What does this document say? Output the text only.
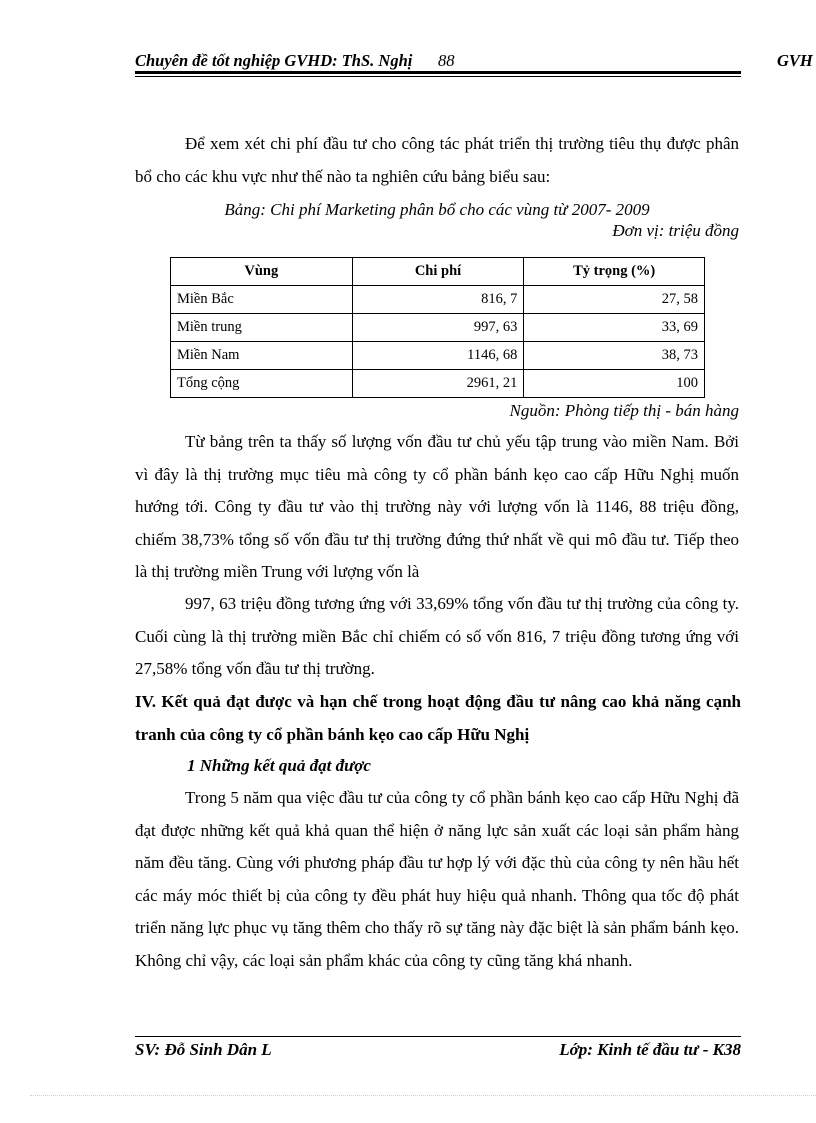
Chuyên đề tốt nghiệp GVHD: ThS. Nghị 88	GVH

Để xem xét chi phí đầu tư cho công tác phát triển thị trường tiêu thụ được phân bổ cho các khu vực như thế nào ta nghiên cứu bảng biểu sau:

Bảng: Chi phí Marketing phân bổ cho các vùng từ 2007- 2009

Đơn vị: triệu đồng

Vùng	Chi phí	Tỷ trọng (%)
Miền Bắc	816, 7	27, 58
Miền trung	997, 63	33, 69
Miền Nam	1146, 68	38, 73
Tổng cộng	2961, 21	100

Nguồn: Phòng tiếp thị - bán hàng

Từ bảng trên ta thấy số lượng vốn đầu tư chủ yếu tập trung vào miền Nam. Bởi vì đây là thị trường mục tiêu mà công ty cổ phần bánh kẹo cao cấp Hữu Nghị muốn hướng tới. Công ty đầu tư vào thị trường này với lượng vốn là 1146, 88 triệu đồng, chiếm 38,73% tổng số vốn đầu tư thị trường đứng thứ nhất về qui mô đầu tư. Tiếp theo là thị trường miền Trung với lượng vốn là

997, 63 triệu đồng tương ứng với 33,69% tổng vốn đầu tư thị trường của công ty. Cuối cùng là thị trường miền Bắc chỉ chiếm có số vốn 816, 7 triệu đồng tương ứng với 27,58% tổng vốn đầu tư thị trường.

IV. Kết quả đạt được và hạn chế trong hoạt động đầu tư nâng cao khả năng cạnh tranh của công ty cổ phần bánh kẹo cao cấp Hữu Nghị

1 Những kết quả đạt được

Trong 5 năm qua việc đầu tư của công ty cổ phần bánh kẹo cao cấp Hữu Nghị đã đạt được những kết quả khả quan thể hiện ở năng lực sản xuất các loại sản phẩm hàng năm đều tăng. Cùng với phương pháp đầu tư hợp lý với đặc thù của công ty nên hầu hết các máy móc thiết bị của công ty đều phát huy hiệu quả nhanh. Thông qua tốc độ phát triển năng lực phục vụ tăng thêm cho thấy rõ sự tăng này đặc biệt là sản phẩm bánh kẹo. Không chỉ vậy, các loại sản phẩm khác của công ty cũng tăng khá nhanh.

SV: Đỗ Sinh Dân L	Lớp: Kinh tế đầu tư - K38
